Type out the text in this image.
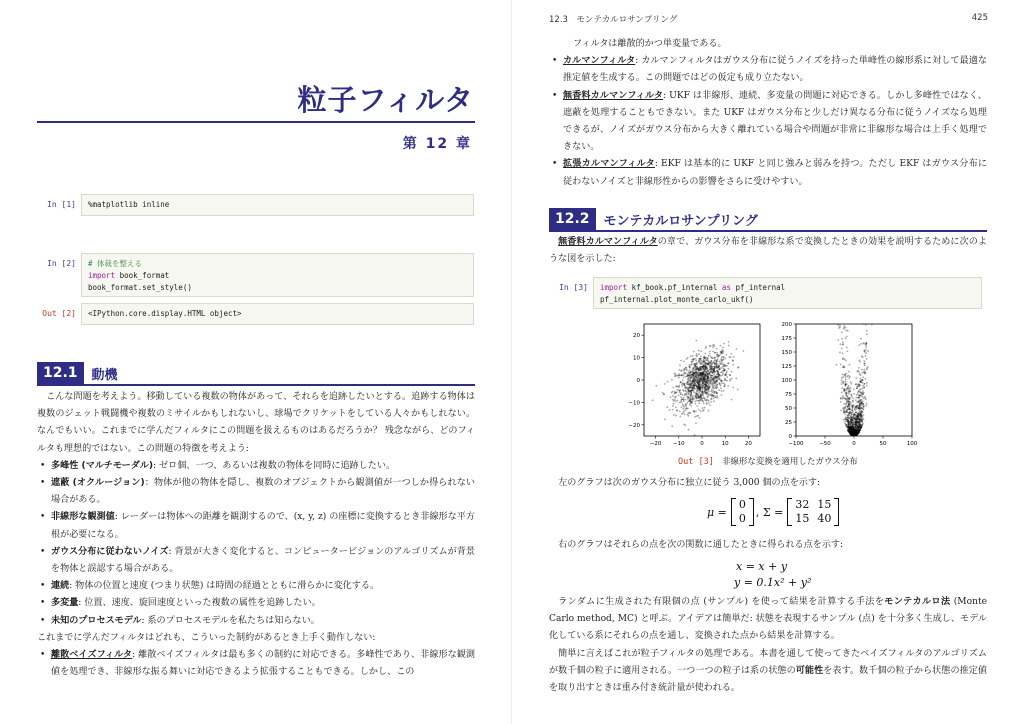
粒子フィルタ
第 12 章
In [1]	%matplotlib inline
In [2]	# 体裁を整える
import book_format
book_format.set_style()
Out [2]	<IPython.core.display.HTML object>
12.1	動機

こんな問題を考えよう。移動している複数の物体があって、それらを追跡したいとする。追跡する物体は複数のジェット戦闘機や複数のミサイルかもしれないし、球場でクリケットをしている人々かもしれない。なんでもいい。これまでに学んだフィルタにこの問題を扱えるものはあるだろうか？ 残念ながら、どのフィルタも理想的ではない。この問題の特徴を考えよう:

• 多峰性 (マルチモーダル): ゼロ個、一つ、あるいは複数の物体を同時に追跡したい。
• 遮蔽 (オクルージョン)：物体が他の物体を隠し、複数のオブジェクトから観測値が一つしか得られない場合がある。
• 非線形な観測値: レーダーは物体への距離を観測するので、(x, y, z) の座標に変換するとき非線形な平方根が必要になる。
• ガウス分布に従わないノイズ: 背景が大きく変化すると、コンピュータービジョンのアルゴリズムが背景を物体と誤認する場合がある。
• 連続: 物体の位置と速度 (つまり状態) は時間の経過とともに滑らかに変化する。
• 多変量: 位置、速度、旋回速度といった複数の属性を追跡したい。
• 未知のプロセスモデル: 系のプロセスモデルを私たちは知らない。

これまでに学んだフィルタはどれも、こういった制約があるとき上手く動作しない:

• 離散ベイズフィルタ: 離散ベイズフィルタは最も多くの制約に対応できる。多峰性であり、非線形な観測値を処理でき、非線形な振る舞いに対応できるよう拡張することもできる。しかし、この
12.3　モンテカルロサンプリング	425

フィルタは離散的かつ単変量である。

• カルマンフィルタ: カルマンフィルタはガウス分布に従うノイズを持った単峰性の線形系に対して最適な推定値を生成する。この問題ではどの仮定も成り立たない。
• 無香料カルマンフィルタ: UKF は非線形、連続、多変量の問題に対応できる。しかし多峰性ではなく、遮蔽を処理することもできない。また UKF はガウス分布と少しだけ異なる分布に従うノイズなら処理できるが、ノイズがガウス分布から大きく離れている場合や問題が非常に非線形な場合は上手く処理できない。
• 拡張カルマンフィルタ: EKF は基本的に UKF と同じ強みと弱みを持つ。ただし EKF はガウス分布に従わないノイズと非線形性からの影響をさらに受けやすい。
12.2	モンテカルロサンプリング

無香料カルマンフィルタの章で、ガウス分布を非線形な系で変換したときの効果を説明するために次のような図を示した:

In [3]	import kf_book.pf_internal as pf_internal
pf_internal.plot_monte_carlo_ukf()
−20 −10	0	10	20
−20
−10
0
10
20
−100	−50	0	50	100
0
25
50
75
100
125
150
175
200
Out [3] 非線形な変換を適用したガウス分布

左のグラフは次のガウス分布に独立に従う 3,000 個の点を示す:

μ =
0
0 , Σ =
32	15
15	40

右のグラフはそれらの点を次の関数に通したときに得られる点を示す:

x = x + y
y = 0.1x² + y²

ランダムに生成された有限個の点 (サンプル) を使って結果を計算する手法をモンテカルロ法 (Monte Carlo method, MC) と呼ぶ。アイデアは簡単だ: 状態を表現するサンプル (点) を十分多く生成し、モデル化している系にそれらの点を通し、変換された点から結果を計算する。

簡単に言えばこれが粒子フィルタの処理である。本書を通して使ってきたベイズフィルタのアルゴリズムが数千個の粒子に適用される。一つ一つの粒子は系の状態の可能性を表す。数千個の粒子から状態の推定値を取り出すときは重み付き統計量が使われる。
